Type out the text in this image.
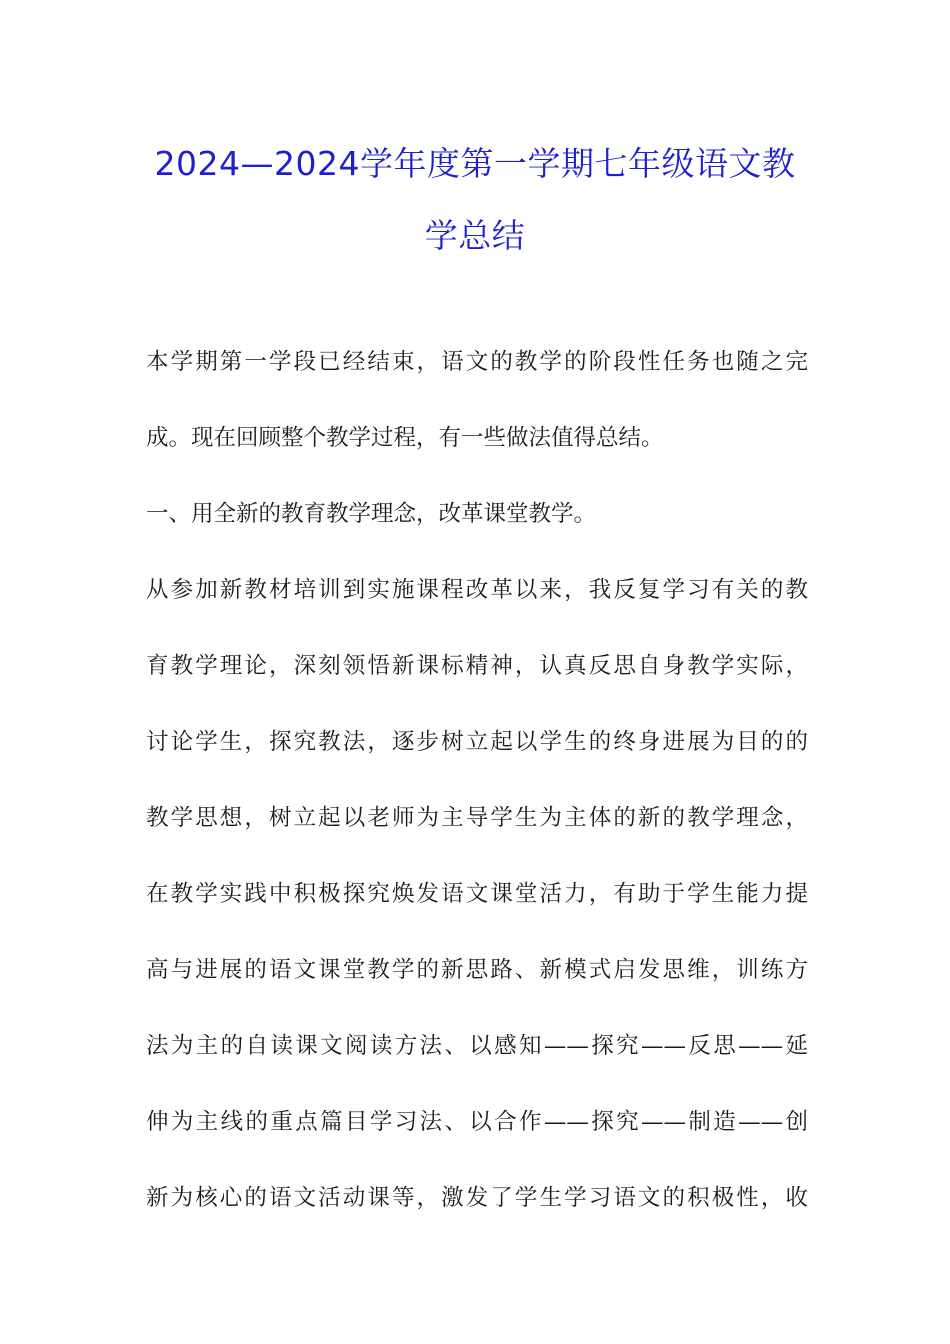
2024—2024学年度第一学期七年级语文教
学总结
本学期第一学段已经结束，语文的教学的阶段性任务也随之完
成。现在回顾整个教学过程，有一些做法值得总结。
一、用全新的教育教学理念，改革课堂教学。
从参加新教材培训到实施课程改革以来，我反复学习有关的教
育教学理论，深刻领悟新课标精神，认真反思自身教学实际，
讨论学生，探究教法，逐步树立起以学生的终身进展为目的的
教学思想，树立起以老师为主导学生为主体的新的教学理念，
在教学实践中积极探究焕发语文课堂活力，有助于学生能力提
高与进展的语文课堂教学的新思路、新模式启发思维，训练方
法为主的自读课文阅读方法、以感知——探究——反思——延
伸为主线的重点篇目学习法、以合作——探究——制造——创
新为核心的语文活动课等，激发了学生学习语文的积极性，收
